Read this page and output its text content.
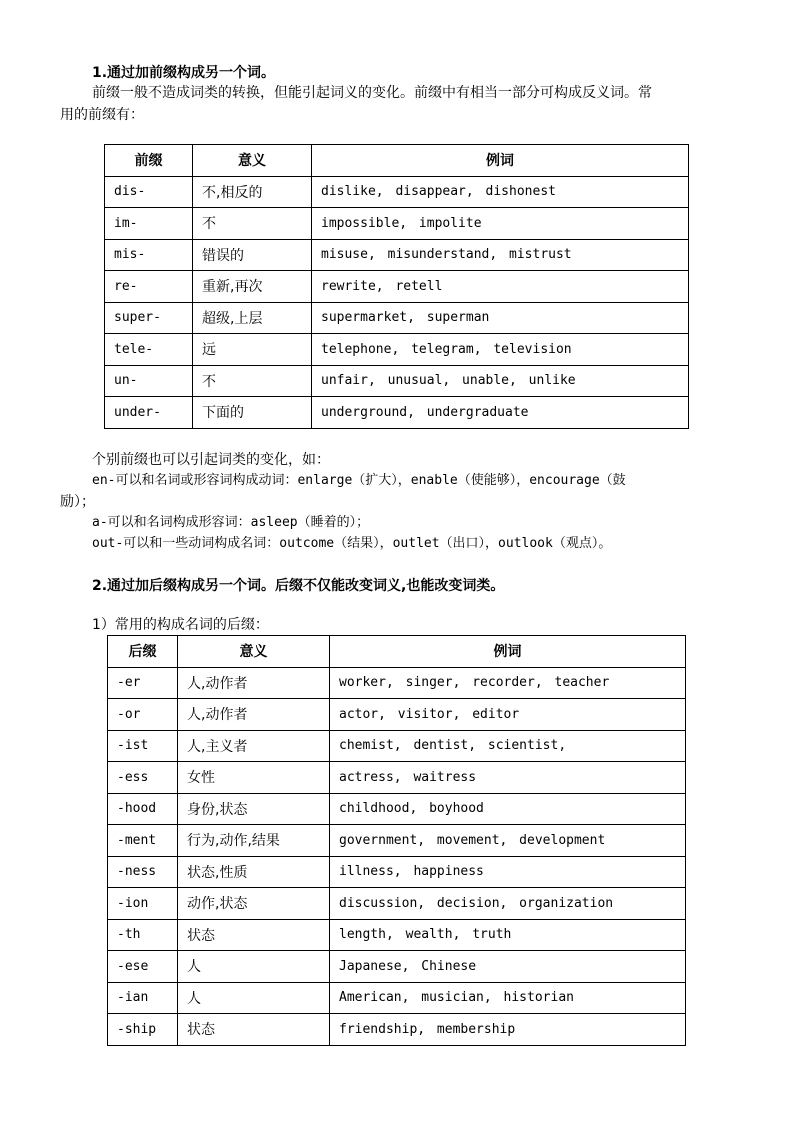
1.通过加前缀构成另一个词。
前缀一般不造成词类的转换，但能引起词义的变化。前缀中有相当一部分可构成反义词。常
用的前缀有：
前缀	意义	例词
dis-	不,相反的	dislike, disappear, dishonest
im-	不	impossible, impolite
mis-	错误的	misuse, misunderstand, mistrust
re-	重新,再次	rewrite, retell
super-	超级,上层	supermarket, superman
tele-	远	telephone, telegram, television
un-	不	unfair, unusual, unable, unlike
under-	下面的	underground, undergraduate
个别前缀也可以引起词类的变化，如：
en-可以和名词或形容词构成动词：enlarge（扩大），enable（使能够），encourage（鼓
励）；
a-可以和名词构成形容词：asleep（睡着的）；
out-可以和一些动词构成名词：outcome（结果），outlet（出口），outlook（观点）。
2.通过加后缀构成另一个词。后缀不仅能改变词义,也能改变词类。
1）常用的构成名词的后缀：
后缀	意义	例词
-er	人,动作者	worker, singer, recorder, teacher
-or	人,动作者	actor, visitor, editor
-ist	人,主义者	chemist, dentist, scientist,
-ess	女性	actress, waitress
-hood	身份,状态	childhood, boyhood
-ment	行为,动作,结果	government, movement, development
-ness	状态,性质	illness, happiness
-ion	动作,状态	discussion, decision, organization
-th	状态	length, wealth, truth
-ese	人	Japanese, Chinese
-ian	人	American, musician, historian
-ship	状态	friendship, membership
